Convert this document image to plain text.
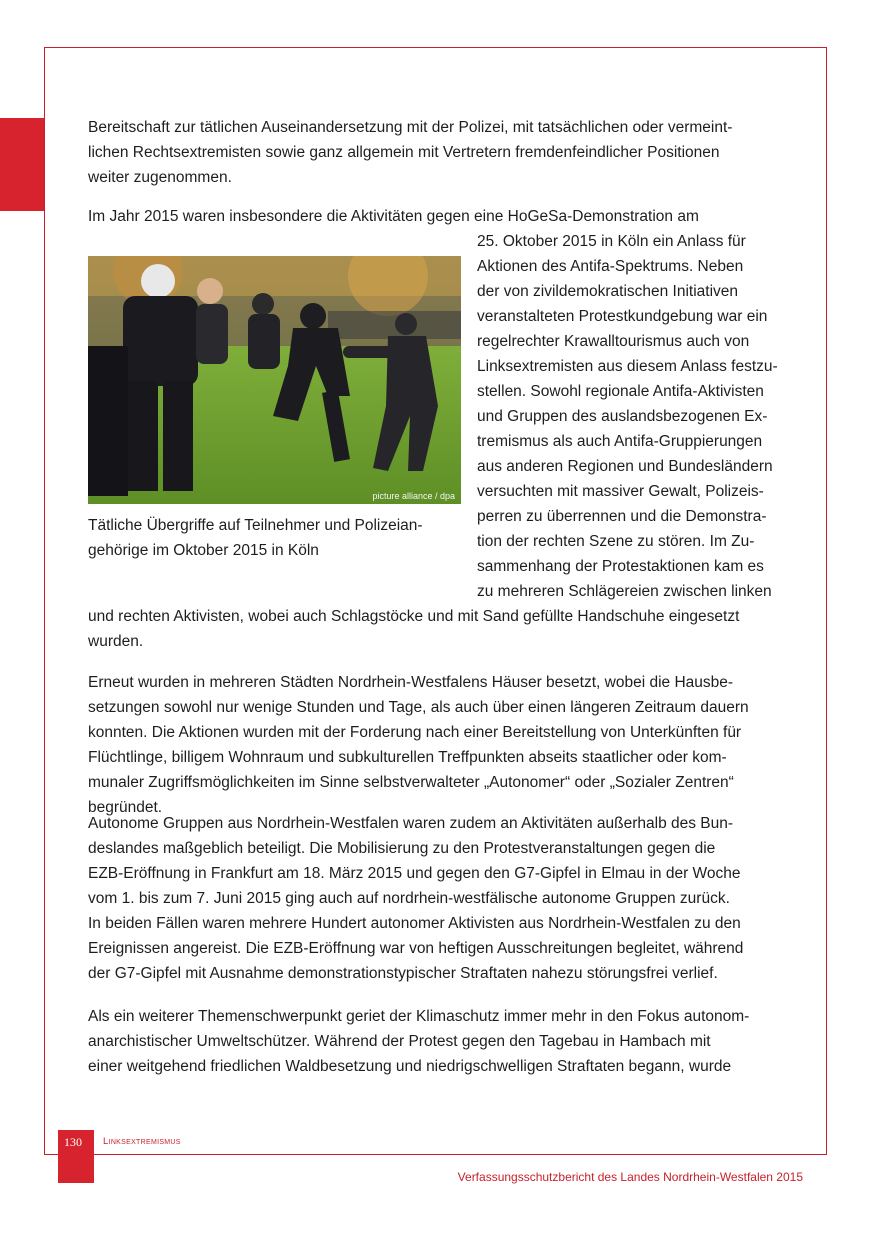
Bereitschaft zur tätlichen Auseinandersetzung mit der Polizei, mit tatsächlichen oder vermeint-

lichen Rechtsextremisten sowie ganz allgemein mit Vertretern fremdenfeindlicher Positionen

weiter zugenommen.

Im Jahr 2015 waren insbesondere die Aktivitäten gegen eine HoGeSa-Demonstration am

25. Oktober 2015 in Köln ein Anlass für

Aktionen des Antifa-Spektrums. Neben

der von zivildemokratischen Initiativen

veranstalteten Protestkundgebung war ein

regelrechter Krawalltourismus auch von

Linksextremisten aus diesem Anlass festzu-

stellen. Sowohl regionale Antifa-Aktivisten

und Gruppen des auslandsbezogenen Ex-

tremismus als auch Antifa-Gruppierungen

aus anderen Regionen und Bundesländern

versuchten mit massiver Gewalt, Polizeis-

perren zu überrennen und die Demonstra-

tion der rechten Szene zu stören. Im Zu-

sammenhang der Protestaktionen kam es

zu mehreren Schlägereien zwischen linken

picture alliance / dpa

Tätliche Übergriffe auf Teilnehmer und Polizeian-

gehörige im Oktober 2015 in Köln

und rechten Aktivisten, wobei auch Schlagstöcke und mit Sand gefüllte Handschuhe eingesetzt

wurden.

Erneut wurden in mehreren Städten Nordrhein-Westfalens Häuser besetzt, wobei die Hausbe-

setzungen sowohl nur wenige Stunden und Tage, als auch über einen längeren Zeitraum dauern

konnten. Die Aktionen wurden mit der Forderung nach einer Bereitstellung von Unterkünften für

Flüchtlinge, billigem Wohnraum und subkulturellen Treffpunkten abseits staatlicher oder kom-

munaler Zugriffsmöglichkeiten im Sinne selbstverwalteter „Autonomer“ oder „Sozialer Zentren“

begründet.

Autonome Gruppen aus Nordrhein-Westfalen waren zudem an Aktivitäten außerhalb des Bun-

deslandes maßgeblich beteiligt. Die Mobilisierung zu den Protestveranstaltungen gegen die

EZB-Eröffnung in Frankfurt am 18. März 2015 und gegen den G7-Gipfel in Elmau in der Woche

vom 1. bis zum 7. Juni 2015 ging auch auf nordrhein-westfälische autonome Gruppen zurück.

In beiden Fällen waren mehrere Hundert autonomer Aktivisten aus Nordrhein-Westfalen zu den

Ereignissen angereist. Die EZB-Eröffnung war von heftigen Ausschreitungen begleitet, während

der G7-Gipfel mit Ausnahme demonstrationstypischer Straftaten nahezu störungsfrei verlief.

Als ein weiterer Themenschwerpunkt geriet der Klimaschutz immer mehr in den Fokus autonom-

anarchistischer Umweltschützer. Während der Protest gegen den Tagebau in Hambach mit

einer weitgehend friedlichen Waldbesetzung und niedrigschwelligen Straftaten begann, wurde

130 Linksextremismus
Verfassungsschutzbericht des Landes Nordrhein-Westfalen 2015
